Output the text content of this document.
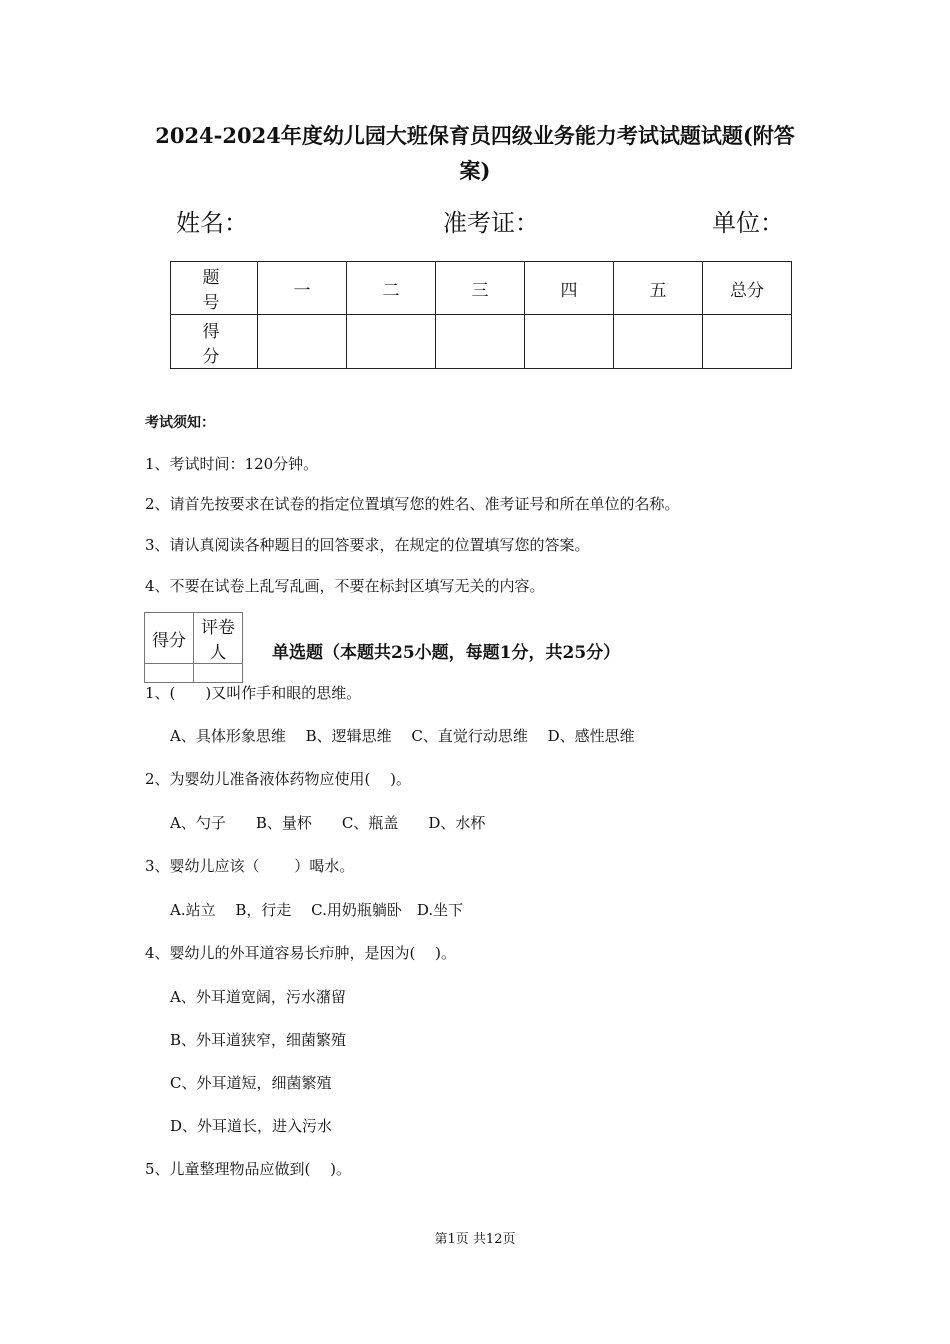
2024-2024年度幼儿园大班保育员四级业务能力考试试题试题(附答
案)
姓名：	准考证：	单位：
题 号	一	二	三	四	五	总分
得 分						
考试须知：
1、考试时间：120分钟。
2、请首先按要求在试卷的指定位置填写您的姓名、准考证号和所在单位的名称。
3、请认真阅读各种题目的回答要求，在规定的位置填写您的答案。
4、不要在试卷上乱写乱画，不要在标封区填写无关的内容。
得分	评卷人
		单选题（本题共25小题，每题1分，共25分）
1、(　　)又叫作手和眼的思维。
A、具体形象思维　 B、逻辑思维　 C、直觉行动思维　 D、感性思维
2、为婴幼儿准备液体药物应使用(　 )。
A、勺子　　B、量杯　　C、瓶盖　　D、水杯
3、婴幼儿应该（　　 ）喝水。
A.站立　 B，行走　 C.用奶瓶躺卧　D.坐下
4、婴幼儿的外耳道容易长疖肿，是因为(　 )。
A、外耳道宽阔，污水潴留
B、外耳道狭窄，细菌繁殖
C、外耳道短，细菌繁殖
D、外耳道长，进入污水
5、儿童整理物品应做到(　 )。
第1页 共12页
